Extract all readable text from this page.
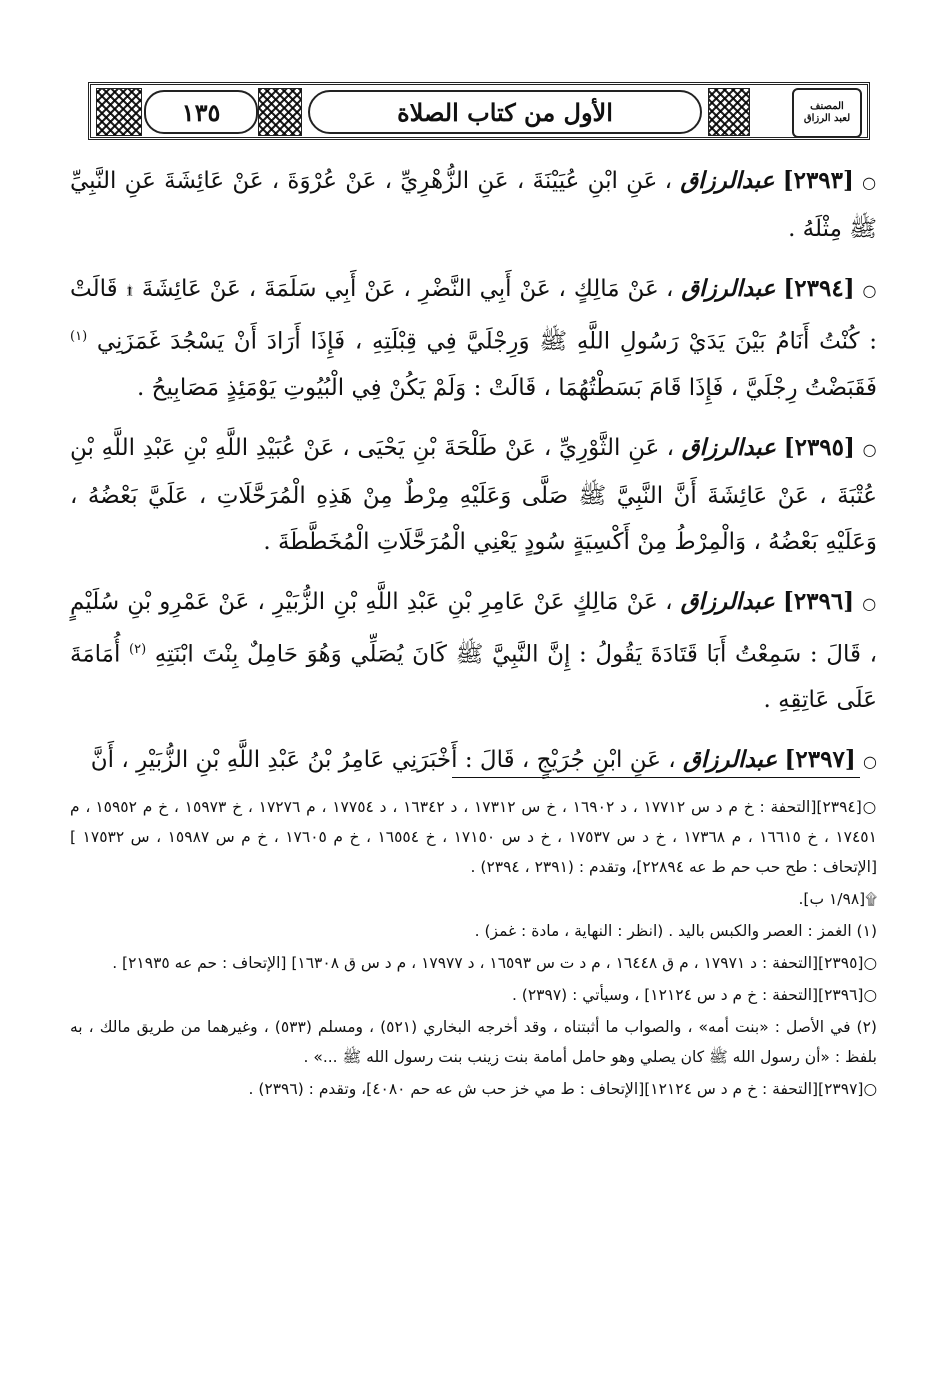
المصنف
لعبد الرزاق
الأول من كتاب الصلاة
١٣٥

○ [٢٣٩٣] عبدالرزاق ، عَنِ ابْنِ عُيَيْنَةَ ، عَنِ الزُّهْرِيِّ ، عَنْ عُرْوَةَ ، عَنْ عَائِشَةَ عَنِ النَّبِيِّ ﷺ مِثْلَهُ .

○ [٢٣٩٤] عبدالرزاق ، عَنْ مَالِكٍ ، عَنْ أَبِي النَّضْرِ ، عَنْ أَبِي سَلَمَةَ ، عَنْ عَائِشَةَ ۩ قَالَتْ : كُنْتُ أَنَامُ بَيْنَ يَدَيْ رَسُولِ اللَّهِ ﷺ وَرِجْلَيَّ فِي قِبْلَتِهِ ، فَإِذَا أَرَادَ أَنْ يَسْجُدَ غَمَزَنِي $^{(١)}$ فَقَبَضْتُ رِجْلَيَّ ، فَإِذَا قَامَ بَسَطْتُهُمَا ، قَالَتْ : وَلَمْ يَكُنْ فِي الْبُيُوتِ يَوْمَئِذٍ مَصَابِيحُ .

○ [٢٣٩٥] عبدالرزاق ، عَنِ الثَّوْرِيِّ ، عَنْ طَلْحَةَ بْنِ يَحْيَى ، عَنْ عُبَيْدِ اللَّهِ بْنِ عَبْدِ اللَّهِ بْنِ عُتْبَةَ ، عَنْ عَائِشَةَ أَنَّ النَّبِيَّ ﷺ صَلَّى وَعَلَيْهِ مِرْطٌ مِنْ هَذِهِ الْمُرَحَّلَاتِ ، عَلَيَّ بَعْضُهُ ، وَعَلَيْهِ بَعْضُهُ ، وَالْمِرْطُ مِنْ أَكْسِيَةٍ سُودٍ يَعْنِي الْمُرَحَّلَاتِ الْمُخَطَّطَةَ .

○ [٢٣٩٦] عبدالرزاق ، عَنْ مَالِكٍ عَنْ عَامِرِ بْنِ عَبْدِ اللَّهِ بْنِ الزُّبَيْرِ ، عَنْ عَمْرِو بْنِ سُلَيْمٍ ، قَالَ : سَمِعْتُ أَبَا قَتَادَةَ يَقُولُ : إِنَّ النَّبِيَّ ﷺ كَانَ يُصَلِّي وَهُوَ حَامِلٌ بِنْتَ ابْنَتِهِ $^{(٢)}$ أُمَامَةَ عَلَى عَاتِقِهِ .

○ [٢٣٩٧] عبدالرزاق ، عَنِ ابْنِ جُرَيْجٍ ، قَالَ : أَخْبَرَنِي عَامِرُ بْنُ عَبْدِ اللَّهِ بْنِ الزُّبَيْرِ ، أَنَّ

○[٢٣٩٤][التحفة : خ م د س ١٧٧١٢ ، د ١٦٩٠٢ ، خ س ١٧٣١٢ ، د ١٦٣٤٢ ، د ١٧٧٥٤ ، م ١٧٢٧٦ ، خ ١٥٩٧٣ ، خ م ١٥٩٥٢ ، م ١٧٤٥١ ، خ ١٦٦١٥ ، م ١٧٣٦٨ ، خ د س ١٧٥٣٧ ، خ د س ١٧١٥٠ ، خ ١٦٥٥٤ ، خ م ١٧٦٠٥ ، خ م س ١٥٩٨٧ ، س ١٧٥٣٢ ][الإتحاف : طح حب حم ط عه ٢٢٨٩٤]، وتقدم : (٢٣٩١ ، ٢٣٩٤) .

۩[١/٩٨ ب].

(١) الغمز : العصر والكبس باليد . (انظر : النهاية ، مادة : غمز) .

○[٢٣٩٥][التحفة : د ١٧٩٧١ ، م ق ١٦٤٤٨ ، م د ت س ١٦٥٩٣ ، د ١٧٩٧٧ ، م د س ق ١٦٣٠٨] [الإتحاف : حم عه ٢١٩٣٥] .

○[٢٣٩٦][التحفة : خ م د س ١٢١٢٤] ، وسيأتي : (٢٣٩٧) .

(٢) في الأصل : «بنت أمه» ، والصواب ما أثبتناه ، وقد أخرجه البخاري (٥٢١) ، ومسلم (٥٣٣) ، وغيرهما من طريق مالك ، به بلفظ : «أن رسول الله ﷺ كان يصلي وهو حامل أمامة بنت زينب بنت رسول الله ﷺ ...» .

○[٢٣٩٧][التحفة : خ م د س ١٢١٢٤][الإتحاف : ط مي خز حب ش عه حم ٤٠٨٠]، وتقدم : (٢٣٩٦) .
